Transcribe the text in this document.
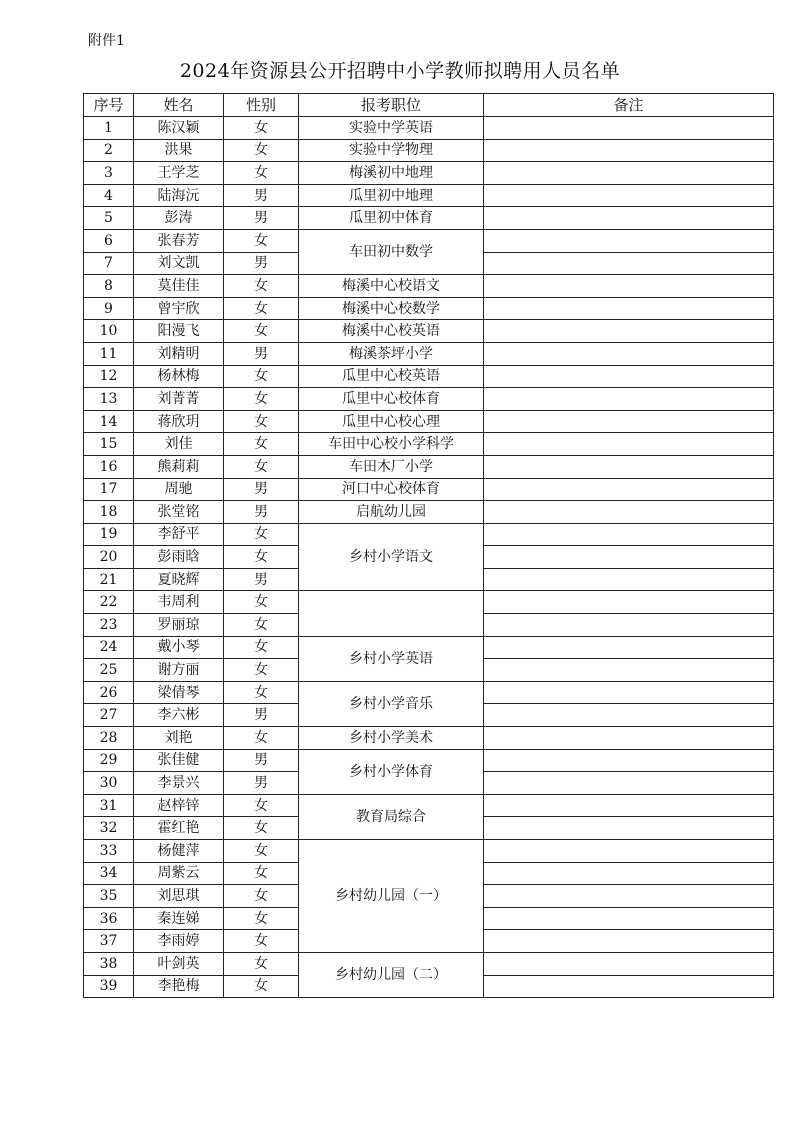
附件1
2024年资源县公开招聘中小学教师拟聘用人员名单
序号	姓名	性别	报考职位	备注
1	陈汉颖	女	实验中学英语	
2	洪果	女	实验中学物理	
3	王学芝	女	梅溪初中地理	
4	陆海沅	男	瓜里初中地理	
5	彭涛	男	瓜里初中体育	
6	张春芳	女	车田初中数学	
7	刘文凯	男		
8	莫佳佳	女	梅溪中心校语文	
9	曾宇欣	女	梅溪中心校数学	
10	阳漫飞	女	梅溪中心校英语	
11	刘精明	男	梅溪茶坪小学	
12	杨林梅	女	瓜里中心校英语	
13	刘菁菁	女	瓜里中心校体育	
14	蒋欣玥	女	瓜里中心校心理	
15	刘佳	女	车田中心校小学科学	
16	熊莉莉	女	车田木厂小学	
17	周驰	男	河口中心校体育	
18	张堂铭	男	启航幼儿园	
19	李舒平	女	乡村小学语文	
20	彭雨晗	女		
21	夏晓辉	男		
22	韦周利	女		
23	罗丽琼	女		
24	戴小琴	女	乡村小学英语	
25	谢方丽	女		
26	梁倩琴	女	乡村小学音乐	
27	李六彬	男		
28	刘艳	女	乡村小学美术	
29	张佳健	男	乡村小学体育	
30	李景兴	男		
31	赵梓锌	女	教育局综合	
32	霍红艳	女		
33	杨健萍	女	乡村幼儿园（一）	
34	周紫云	女		
35	刘思琪	女		
36	秦连娣	女		
37	李雨婷	女		
38	叶剑英	女	乡村幼儿园（二）	
39	李艳梅	女		
